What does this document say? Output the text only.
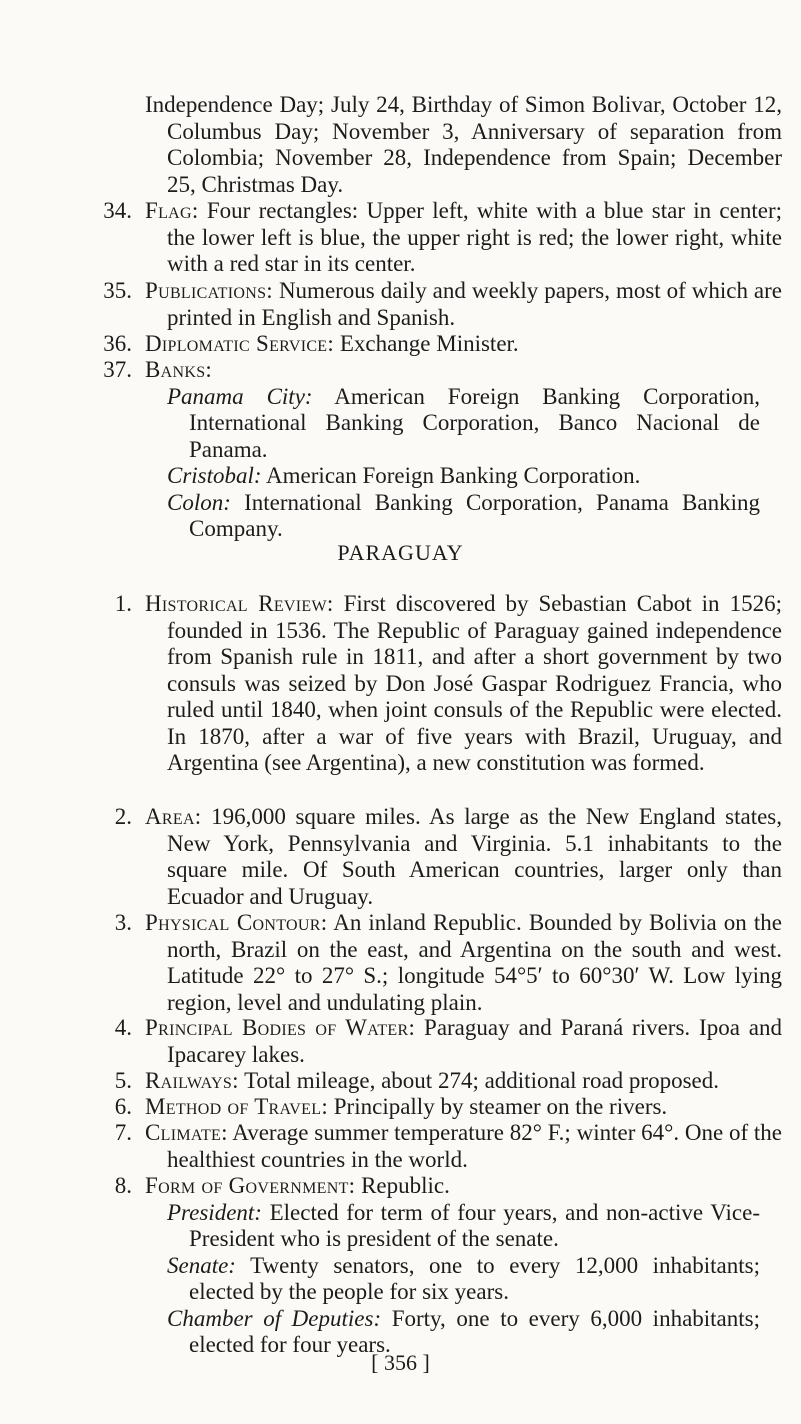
Independence Day; July 24, Birthday of Simon Bolivar, October 12, Columbus Day; November 3, Anniversary of separation from Colombia; November 28, Independence from Spain; December 25, Christmas Day.
34. Flag: Four rectangles: Upper left, white with a blue star in center; the lower left is blue, the upper right is red; the lower right, white with a red star in its center.
35. Publications: Numerous daily and weekly papers, most of which are printed in English and Spanish.
36. Diplomatic Service: Exchange Minister.
37. Banks:

Panama City: American Foreign Banking Corporation, International Banking Corporation, Banco Nacional de Panama.

Cristobal: American Foreign Banking Corporation.

Colon: International Banking Corporation, Panama Banking Company.

PARAGUAY
1. Historical Review: First discovered by Sebastian Cabot in 1526; founded in 1536. The Republic of Paraguay gained independence from Spanish rule in 1811, and after a short government by two consuls was seized by Don José Gaspar Rodriguez Francia, who ruled until 1840, when joint consuls of the Republic were elected. In 1870, after a war of five years with Brazil, Uruguay, and Argentina (see Argentina), a new constitution was formed.
2. Area: 196,000 square miles. As large as the New England states, New York, Pennsylvania and Virginia. 5.1 inhabitants to the square mile. Of South American countries, larger only than Ecuador and Uruguay.
3. Physical Contour: An inland Republic. Bounded by Bolivia on the north, Brazil on the east, and Argentina on the south and west. Latitude 22° to 27° S.; longitude 54°5′ to 60°30′ W. Low lying region, level and undulating plain.
4. Principal Bodies of Water: Paraguay and Paraná rivers. Ipoa and Ipacarey lakes.
5. Railways: Total mileage, about 274; additional road proposed.
6. Method of Travel: Principally by steamer on the rivers.
7. Climate: Average summer temperature 82° F.; winter 64°. One of the healthiest countries in the world.
8. Form of Government: Republic.

President: Elected for term of four years, and non-active Vice-President who is president of the senate.

Senate: Twenty senators, one to every 12,000 inhabitants; elected by the people for six years.

Chamber of Deputies: Forty, one to every 6,000 inhabitants; elected for four years.

[ 356 ]
